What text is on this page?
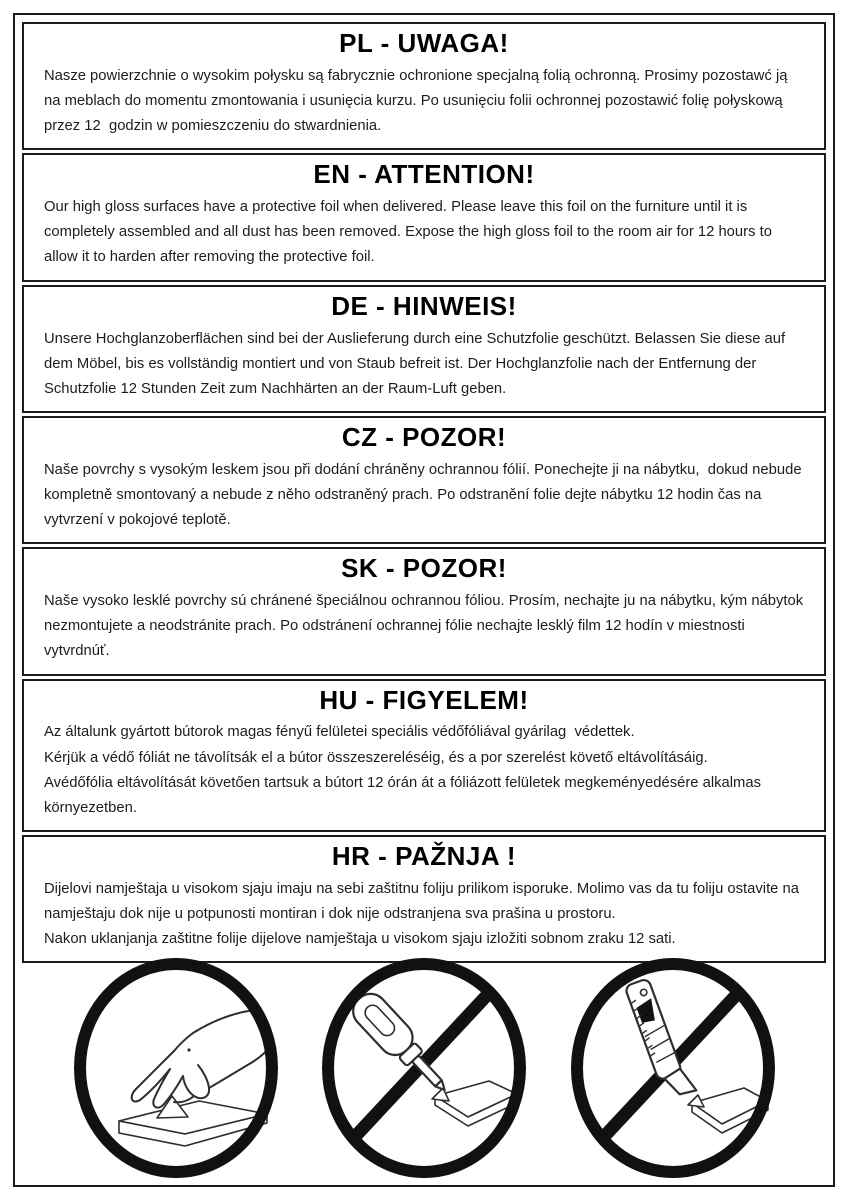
PL - UWAGA!

Nasze powierzchnie o wysokim połysku są fabrycznie ochronione specjalną folią ochronną. Prosimy pozostawć ją na meblach do momentu zmontowania i usunięcia kurzu. Po usunięciu folii ochronnej pozostawić folię połyskową przez 12  godzin w pomieszczeniu do stwardnienia.

EN - ATTENTION!

Our high gloss surfaces have a protective foil when delivered. Please leave this foil on the furniture until it is completely assembled and all dust has been removed. Expose the high gloss foil to the room air for 12 hours to allow it to harden after removing the protective foil.

DE - HINWEIS!

Unsere Hochglanzoberflächen sind bei der Auslieferung durch eine Schutzfolie geschützt. Belassen Sie diese auf dem Möbel, bis es vollständig montiert und von Staub befreit ist. Der Hochglanzfolie nach der Entfernung der Schutzfolie 12 Stunden Zeit zum Nachhärten an der Raum-Luft geben.

CZ - POZOR!

Naše povrchy s vysokým leskem jsou při dodání chráněny ochrannou fólií. Ponechejte ji na nábytku,  dokud nebude kompletně smontovaný a nebude z něho odstraněný prach. Po odstranění folie dejte nábytku 12 hodin čas na vytvrzení v pokojové teplotě.

SK - POZOR!

Naše vysoko lesklé povrchy sú chránené špeciálnou ochrannou fóliou. Prosím, nechajte ju na nábytku, kým nábytok nezmontujete a neodstránite prach. Po odstránení ochrannej fólie nechajte lesklý film 12 hodín v miestnosti vytvrdnúť.

HU - FIGYELEM!

Az általunk gyártott bútorok magas fényű felületei speciális védőfóliával gyárilag  védettek.

Kérjük a védő fóliát ne távolítsák el a bútor összeszereléséig, és a por szerelést követő eltávolításáig.

Avédőfólia eltávolítását követően tartsuk a bútort 12 órán át a fóliázott felületek megkeményedésére alkalmas környezetben.

HR - PAŽNJA !

Dijelovi namještaja u visokom sjaju imaju na sebi zaštitnu foliju prilikom isporuke. Molimo vas da tu foliju ostavite na namještaju dok nije u potpunosti montiran i dok nije odstranjena sva prašina u prostoru.

Nakon uklanjanja zaštitne folije dijelove namještaja u visokom sjaju izložiti sobnom zraku 12 sati.
